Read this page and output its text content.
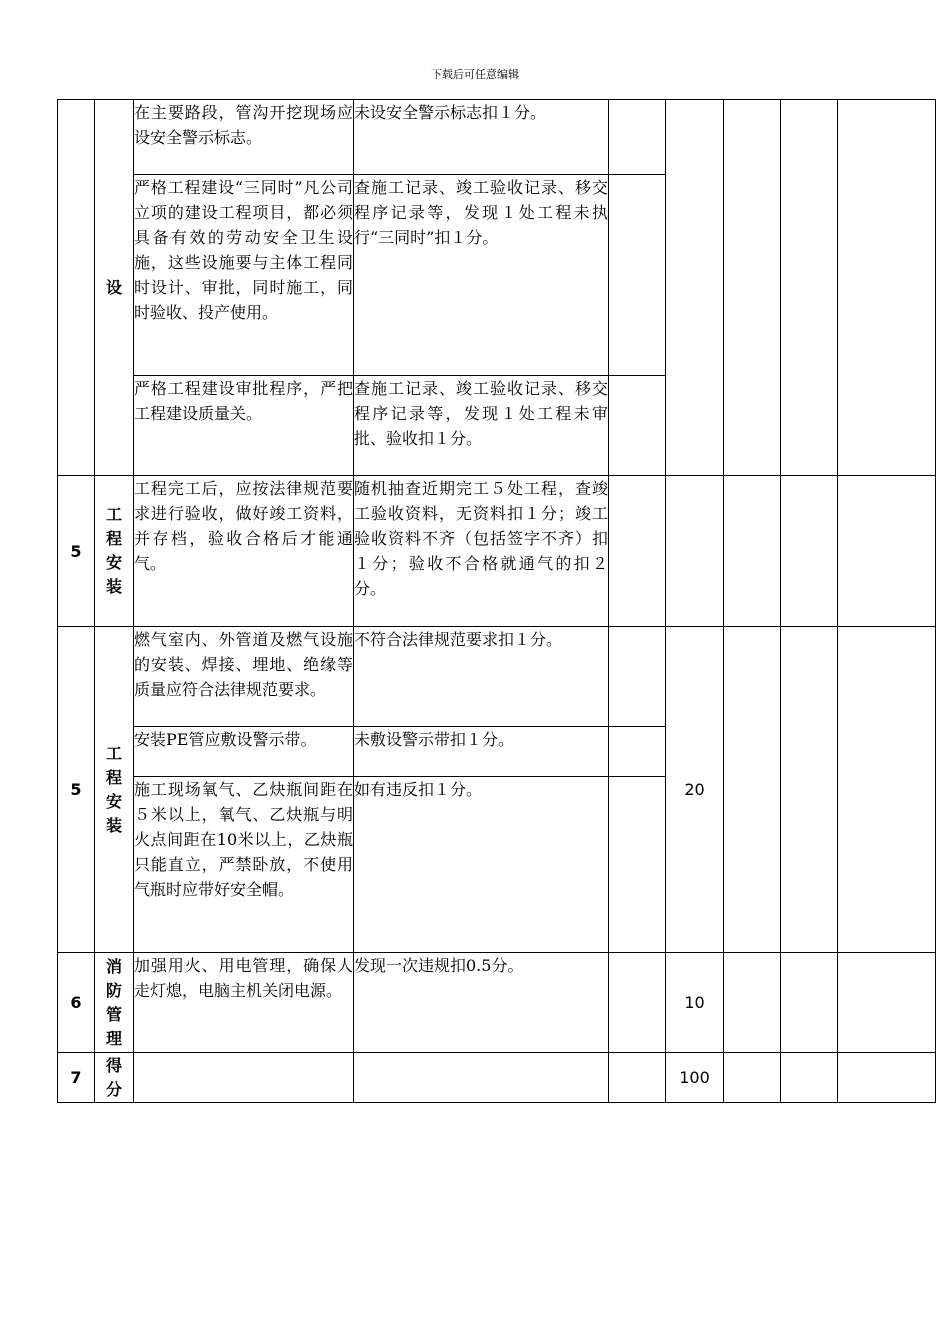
下载后可任意编辑
	设	在主要路段，管沟开挖现场应设安全警示标志。	未设安全警示标志扣１分。					
		严格工程建设“三同时”凡公司立项的建设工程项目，都必须具备有效的劳动安全卫生设施，这些设施要与主体工程同时设计、审批，同时施工，同时验收、投产使用。	查施工记录、竣工验收记录、移交程序记录等，发现１处工程未执行“三同时”扣１分。					
		严格工程建设审批程序，严把工程建设质量关。	查施工记录、竣工验收记录、移交程序记录等，发现１处工程未审批、验收扣１分。					
5	工程安装	工程完工后，应按法律规范要求进行验收，做好竣工资料，并存档，验收合格后才能通气。	随机抽查近期完工５处工程，查竣工验收资料，无资料扣１分；竣工验收资料不齐（包括签字不齐）扣１分；验收不合格就通气的扣２分。					
5	工程安装	燃气室内、外管道及燃气设施的安装、焊接、埋地、绝缘等质量应符合法律规范要求。	不符合法律规范要求扣１分。		20			
		安装PE管应敷设警示带。	未敷设警示带扣１分。					
		施工现场氧气、乙炔瓶间距在５米以上，氧气、乙炔瓶与明火点间距在10米以上，乙炔瓶只能直立，严禁卧放，不使用气瓶时应带好安全帽。	如有违反扣１分。					
6	消防管理	加强用火、用电管理，确保人走灯熄，电脑主机关闭电源。	发现一次违规扣0.5分。		10			
7	得分				100			
